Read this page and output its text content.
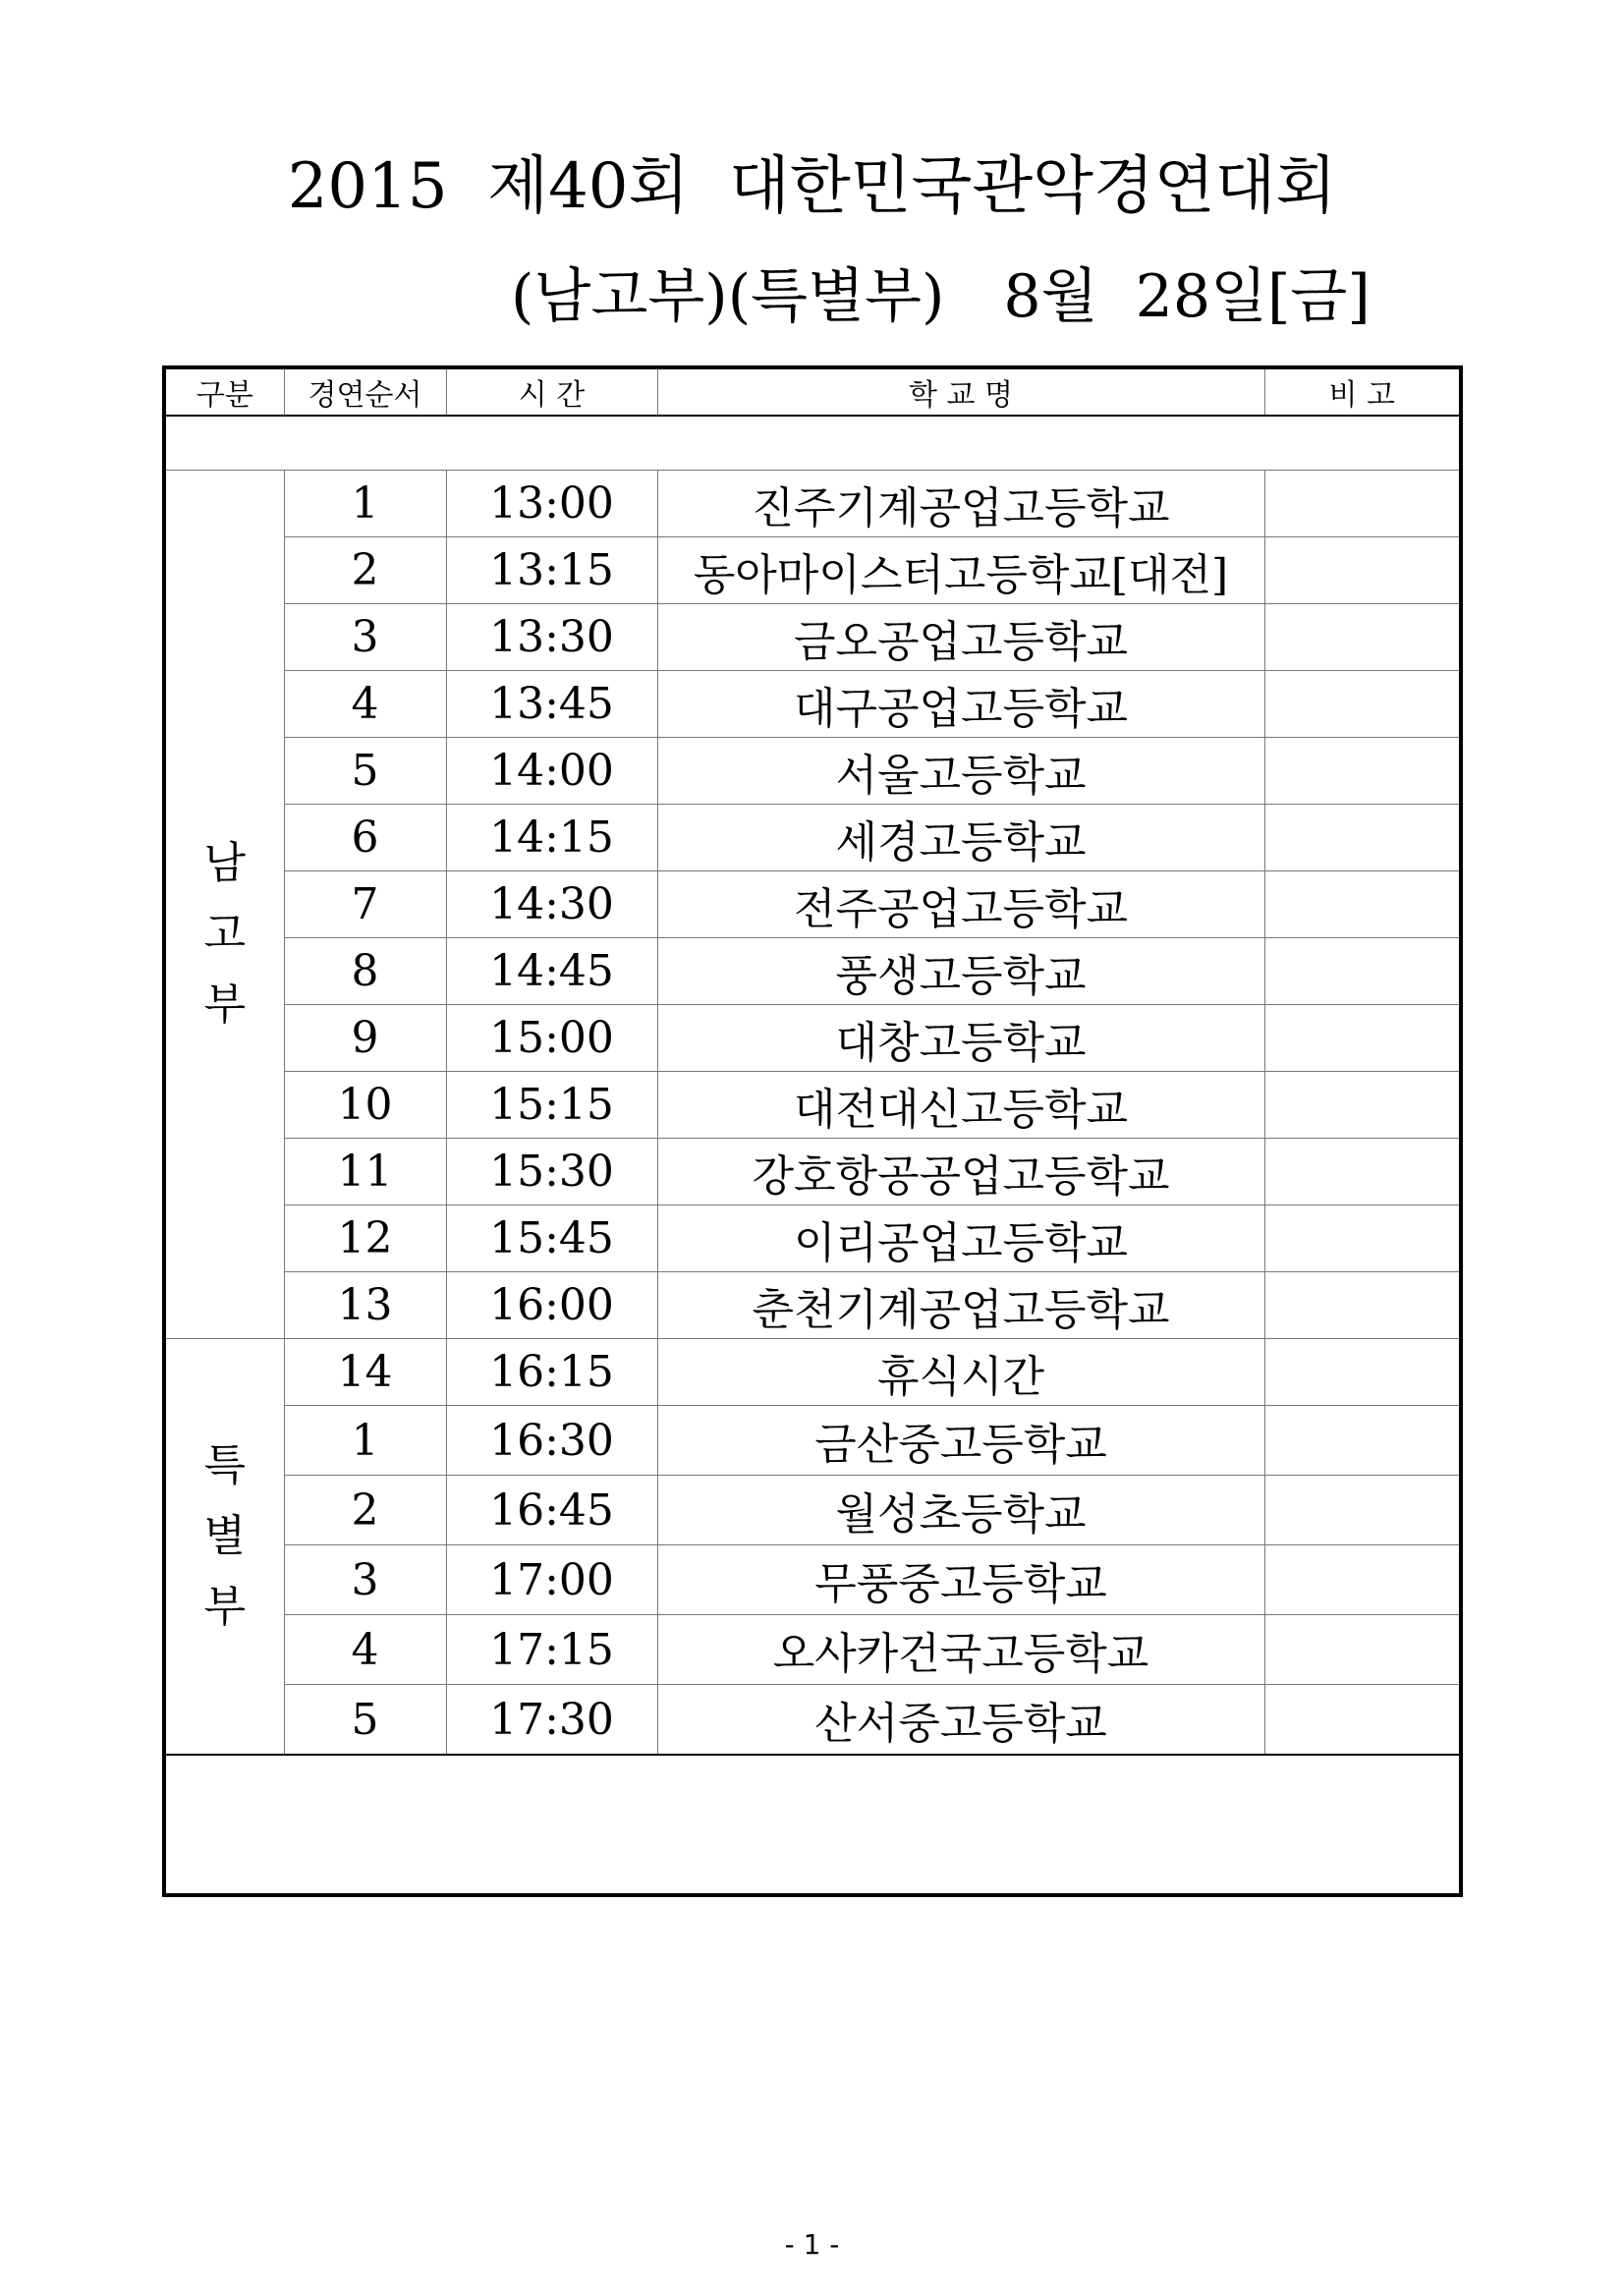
2015  제40회  대한민국관악경연대회
(남고부)(특별부) 8월  28일[금]
구분	경연순서	시 간	학 교 명	비 고

남
고
부	1	13:00	진주기계공업고등학교	
	2	13:15	동아마이스터고등학교[대전]	
	3	13:30	금오공업고등학교	
	4	13:45	대구공업고등학교	
	5	14:00	서울고등학교	
	6	14:15	세경고등학교	
	7	14:30	전주공업고등학교	
	8	14:45	풍생고등학교	
	9	15:00	대창고등학교	
	10	15:15	대전대신고등학교	
	11	15:30	강호항공공업고등학교	
	12	15:45	이리공업고등학교	
	13	16:00	춘천기계공업고등학교	

특
별
부	14	16:15	휴식시간	
	1	16:30	금산중고등학교	
	2	16:45	월성초등학교	
	3	17:00	무풍중고등학교	
	4	17:15	오사카건국고등학교	
	5	17:30	산서중고등학교	

- 1 -
